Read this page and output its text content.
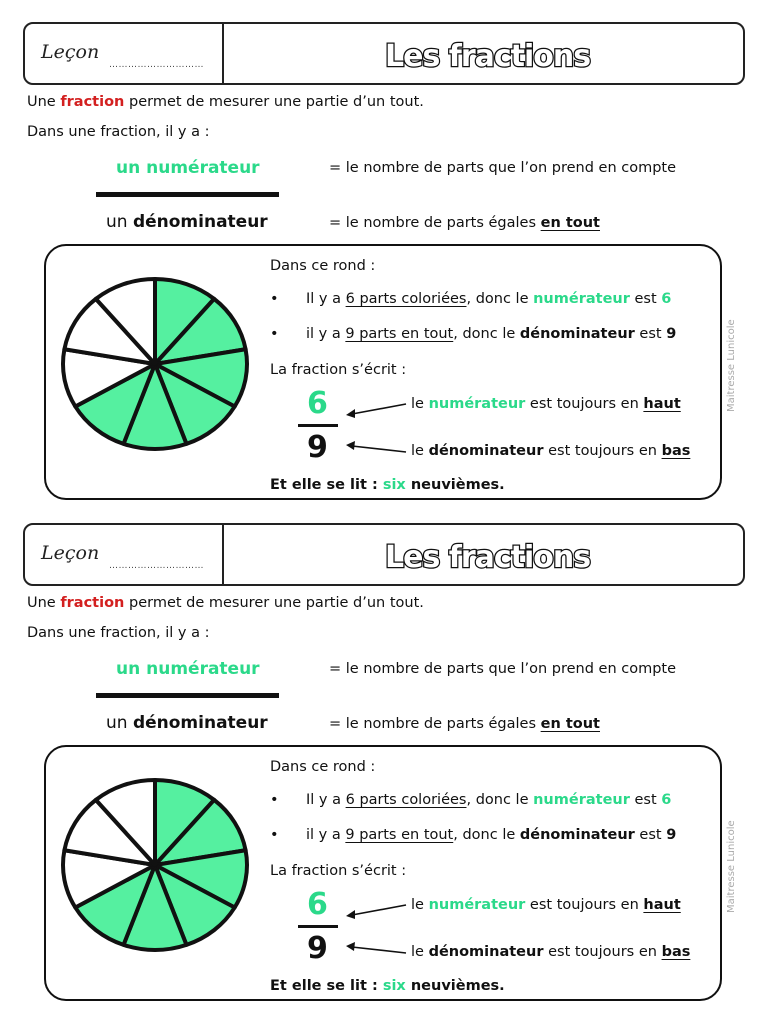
Leçon
…………………………	Les fractions
Une fraction permet de mesurer une partie d’un tout.
Dans une fraction, il y a :
un numérateur	= le nombre de parts que l’on prend en compte
un dénominateur	= le nombre de parts égales en tout
Dans ce rond :
• Il y a 6 parts coloriées, donc le numérateur est 6
• il y a 9 parts en tout, donc le dénominateur est 9
La fraction s’écrit :
6
9
le numérateur est toujours en haut
le dénominateur est toujours en bas
Et elle se lit : six neuvièmes.
Maitresse Lunicole
Leçon
…………………………	Les fractions
Une fraction permet de mesurer une partie d’un tout.
Dans une fraction, il y a :
un numérateur	= le nombre de parts que l’on prend en compte
un dénominateur	= le nombre de parts égales en tout
Dans ce rond :
• Il y a 6 parts coloriées, donc le numérateur est 6
• il y a 9 parts en tout, donc le dénominateur est 9
La fraction s’écrit :
6
9
le numérateur est toujours en haut
le dénominateur est toujours en bas
Et elle se lit : six neuvièmes.
Maitresse Lunicole
